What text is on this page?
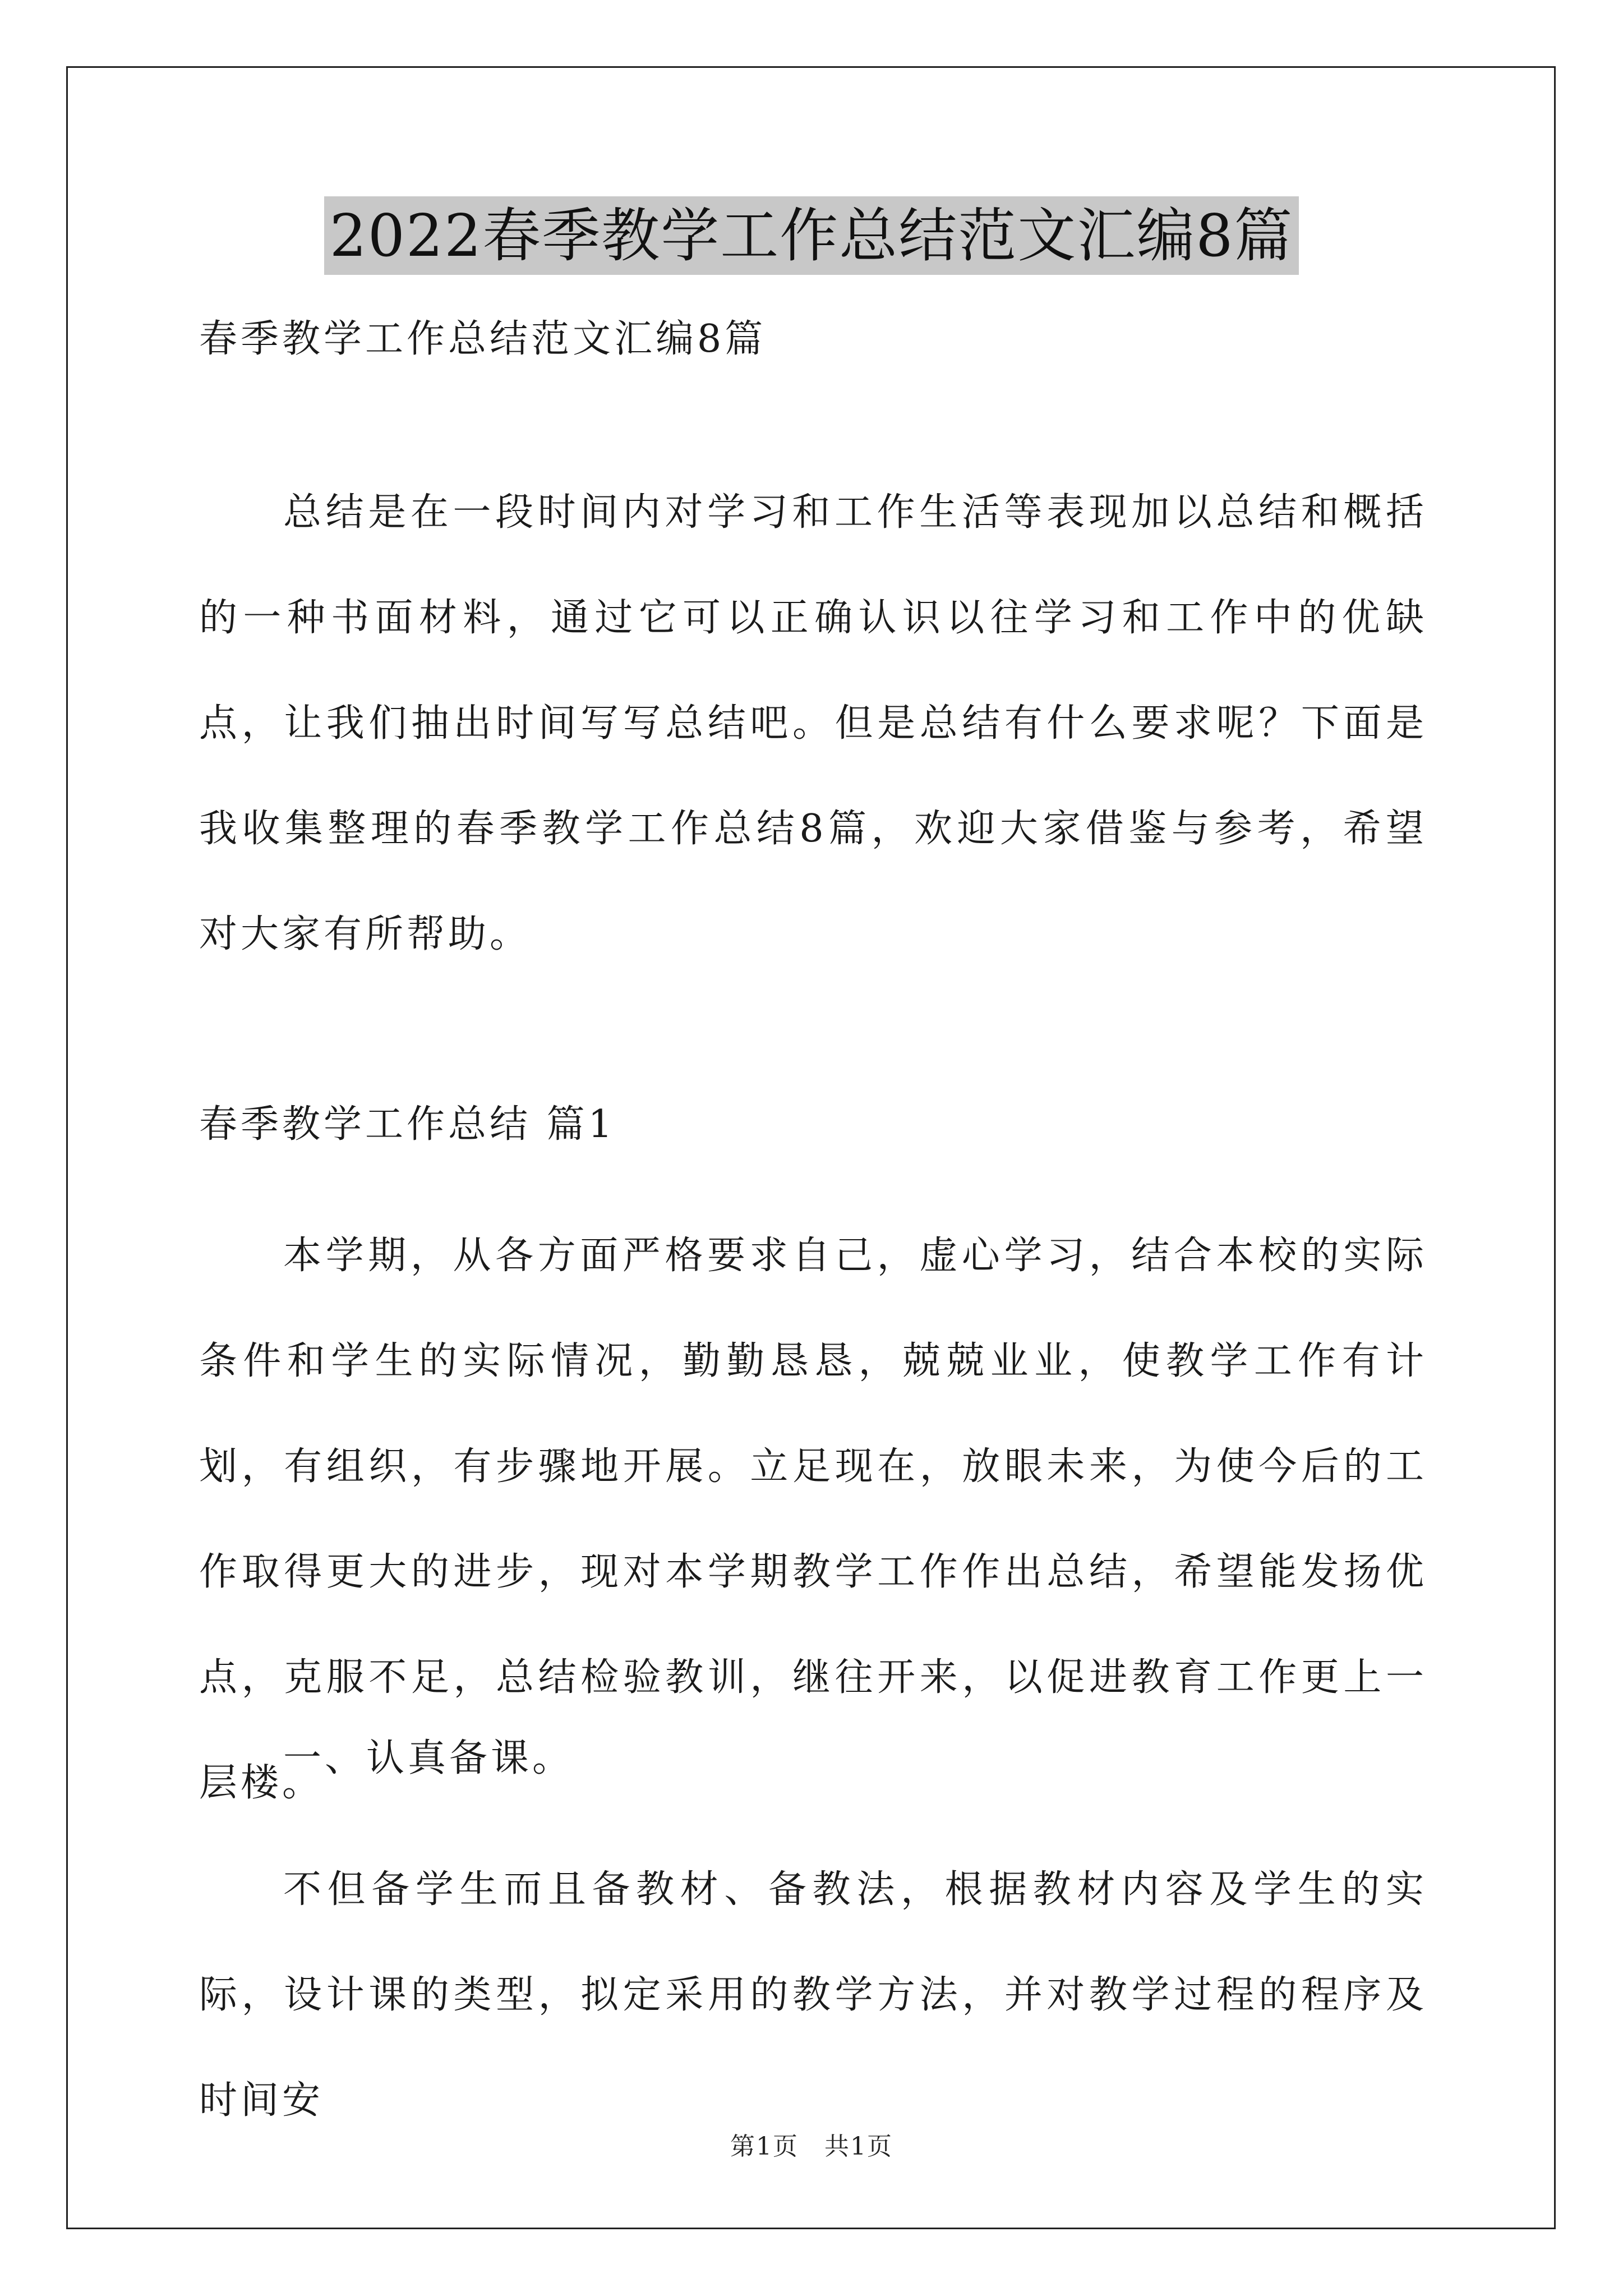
2022春季教学工作总结范文汇编8篇
春季教学工作总结范文汇编8篇
总结是在一段时间内对学习和工作生活等表现加以总结和概括的一种书面材料，通过它可以正确认识以往学习和工作中的优缺点，让我们抽出时间写写总结吧。但是总结有什么要求呢？下面是我收集整理的春季教学工作总结8篇，欢迎大家借鉴与参考，希望对大家有所帮助。
春季教学工作总结 篇1
本学期，从各方面严格要求自己，虚心学习，结合本校的实际条件和学生的实际情况，勤勤恳恳，兢兢业业，使教学工作有计划，有组织，有步骤地开展。立足现在，放眼未来，为使今后的工作取得更大的进步，现对本学期教学工作作出总结，希望能发扬优点，克服不足，总结检验教训，继往开来，以促进教育工作更上一层楼。
一、认真备课。
不但备学生而且备教材、备教法，根据教材内容及学生的实际，设计课的类型，拟定采用的教学方法，并对教学过程的程序及时间安
第1页　共1页
